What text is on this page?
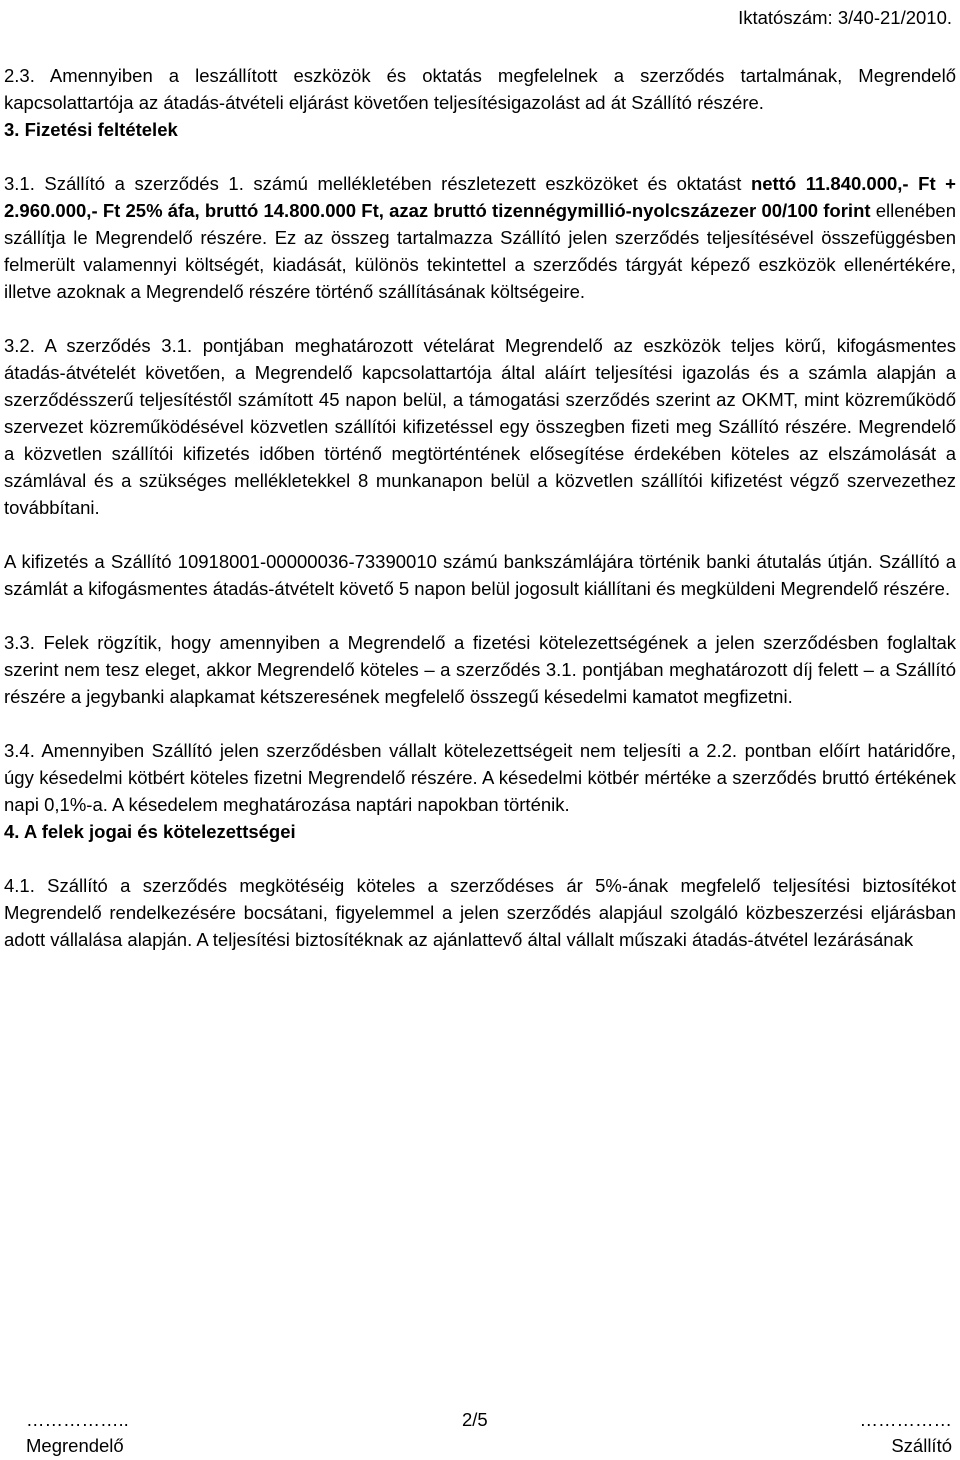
Iktatószám: 3/40-21/2010.

2.3. Amennyiben a leszállított eszközök és oktatás megfelelnek a szerződés tartalmának, Megrendelő kapcsolattartója az átadás-átvételi eljárást követően teljesítésigazolást ad át Szállító részére.

3. Fizetési feltételek

3.1. Szállító a szerződés 1. számú mellékletében részletezett eszközöket és oktatást nettó 11.840.000,- Ft + 2.960.000,- Ft 25% áfa, bruttó 14.800.000 Ft, azaz bruttó tizennégymillió-nyolcszázezer 00/100 forint ellenében szállítja le Megrendelő részére. Ez az összeg tartalmazza Szállító jelen szerződés teljesítésével összefüggésben felmerült valamennyi költségét, kiadását, különös tekintettel a szerződés tárgyát képező eszközök ellenértékére, illetve azoknak a Megrendelő részére történő szállításának költségeire.

3.2. A szerződés 3.1. pontjában meghatározott vételárat Megrendelő az eszközök teljes körű, kifogásmentes átadás-átvételét követően, a Megrendelő kapcsolattartója által aláírt teljesítési igazolás és a számla alapján a szerződésszerű teljesítéstől számított 45 napon belül, a támogatási szerződés szerint az OKMT, mint közreműködő szervezet közreműködésével közvetlen szállítói kifizetéssel egy összegben fizeti meg Szállító részére. Megrendelő a közvetlen szállítói kifizetés időben történő megtörténtének elősegítése érdekében köteles az elszámolását a számlával és a szükséges mellékletekkel 8 munkanapon belül a közvetlen szállítói kifizetést végző szervezethez továbbítani.

A kifizetés a Szállító 10918001-00000036-73390010 számú bankszámlájára történik banki átutalás útján. Szállító a számlát a kifogásmentes átadás-átvételt követő 5 napon belül jogosult kiállítani és megküldeni Megrendelő részére.

3.3. Felek rögzítik, hogy amennyiben a Megrendelő a fizetési kötelezettségének a jelen szerződésben foglaltak szerint nem tesz eleget, akkor Megrendelő köteles – a szerződés 3.1. pontjában meghatározott díj felett – a Szállító részére a jegybanki alapkamat kétszeresének megfelelő összegű késedelmi kamatot megfizetni.

3.4. Amennyiben Szállító jelen szerződésben vállalt kötelezettségeit nem teljesíti a 2.2. pontban előírt határidőre, úgy késedelmi kötbért köteles fizetni Megrendelő részére. A késedelmi kötbér mértéke a szerződés bruttó értékének napi 0,1%-a. A késedelem meghatározása naptári napokban történik.

4. A felek jogai és kötelezettségei

4.1. Szállító a szerződés megkötéséig köteles a szerződéses ár 5%-ának megfelelő teljesítési biztosítékot Megrendelő rendelkezésére bocsátani, figyelemmel a jelen szerződés alapjául szolgáló közbeszerzési eljárásban adott vállalása alapján. A teljesítési biztosítéknak az ajánlattevő által vállalt műszaki átadás-átvétel lezárásának

……………..
Megrendelő
2/5	……………
Szállító
